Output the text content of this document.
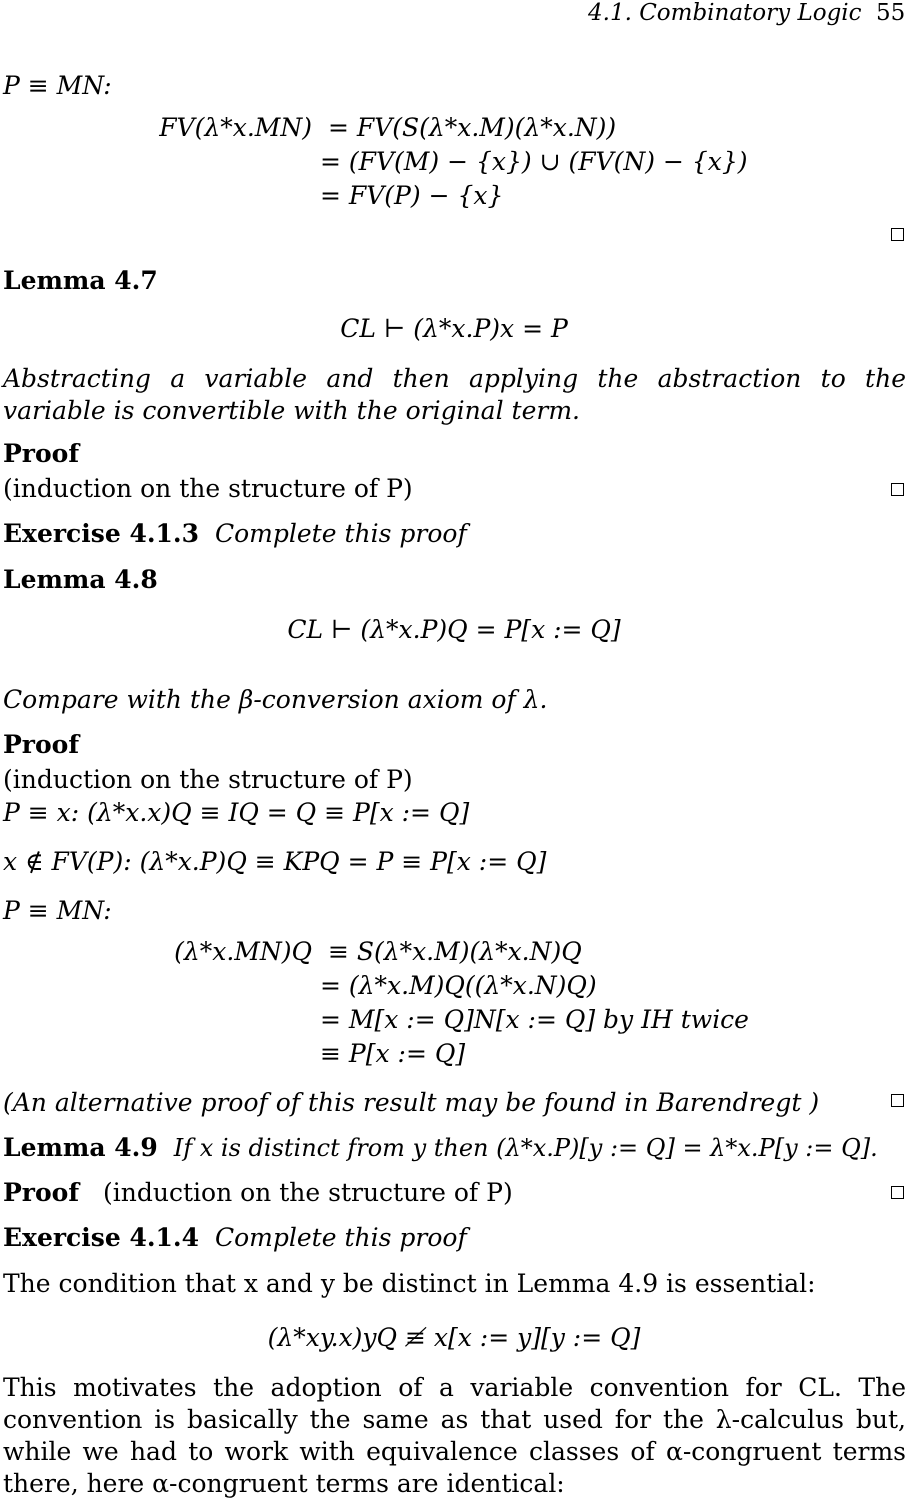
4.1. Combinatory Logic 55
P ≡ MN:
FV(λ*x.MN) = FV(S(λ*x.M)(λ*x.N))
= (FV(M) − {x}) ∪ (FV(N) − {x})
= FV(P) − {x}
Lemma 4.7
CL ⊢ (λ*x.P)x = P
Abstracting a variable and then applying the abstraction to the variable is convertible with the original term.
Proof
(induction on the structure of P)
Exercise 4.1.3 Complete this proof
Lemma 4.8
CL ⊢ (λ*x.P)Q = P[x := Q]
Compare with the β-conversion axiom of λ.
Proof
(induction on the structure of P)
P ≡ x: (λ*x.x)Q ≡ IQ = Q ≡ P[x := Q]
x ∉ FV(P): (λ*x.P)Q ≡ KPQ = P ≡ P[x := Q]
P ≡ MN:
(λ*x.MN)Q ≡ S(λ*x.M)(λ*x.N)Q
= (λ*x.M)Q((λ*x.N)Q)
= M[x := Q]N[x := Q] by IH twice
≡ P[x := Q]
(An alternative proof of this result may be found in Barendregt )
Lemma 4.9 If x is distinct from y then (λ*x.P)[y := Q] = λ*x.P[y := Q].
Proof (induction on the structure of P)
Exercise 4.1.4 Complete this proof
The condition that x and y be distinct in Lemma 4.9 is essential:
(λ*xy.x)yQ ≢ x[x := y][y := Q]
This motivates the adoption of a variable convention for CL. The convention is basically the same as that used for the λ-calculus but, while we had to work with equivalence classes of α-congruent terms there, here α-congruent terms are identical:
